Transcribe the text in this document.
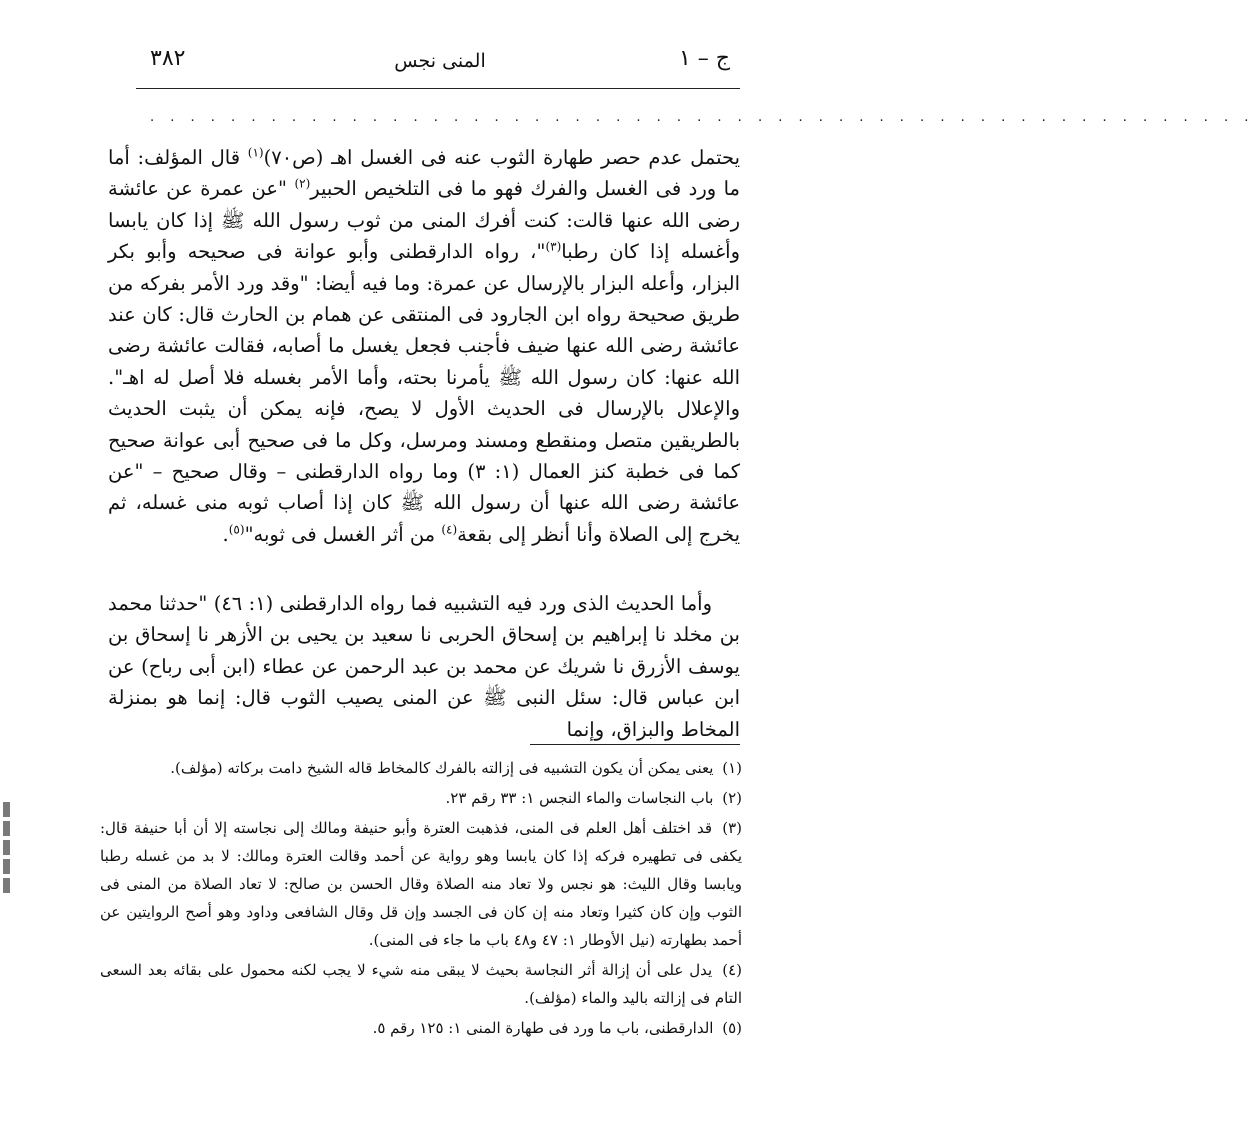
ج – ١
المنى نجس
٣٨٢
. . . . . . . . . . . . . . . . . . . . . . . . . . . . . . . . . . . . . . . . . . . . . . . . . . . . . . .

يحتمل عدم حصر طهارة الثوب عنه فى الغسل اهـ (ص٧٠)$^{(١)}$ قال المؤلف: أما ما ورد فى الغسل والفرك فهو ما فى التلخيص الحبير$^{(٢)}$ "عن عمرة عن عائشة رضى الله عنها قالت: كنت أفرك المنى من ثوب رسول الله ﷺ إذا كان يابسا وأغسله إذا كان رطبا$^{(٣)}$"، رواه الدارقطنى وأبو عوانة فى صحيحه وأبو بكر البزار، وأعله البزار بالإرسال عن عمرة: وما فيه أيضا: "وقد ورد الأمر بفركه من طريق صحيحة رواه ابن الجارود فى المنتقى عن همام بن الحارث قال: كان عند عائشة رضى الله عنها ضيف فأجنب فجعل يغسل ما أصابه، فقالت عائشة رضى الله عنها: كان رسول الله ﷺ يأمرنا بحته، وأما الأمر بغسله فلا أصل له اهـ". والإعلال بالإرسال فى الحديث الأول لا يصح، فإنه يمكن أن يثبت الحديث بالطريقين متصل ومنقطع ومسند ومرسل، وكل ما فى صحيح أبى عوانة صحيح كما فى خطبة كنز العمال (١: ٣) وما رواه الدارقطنى – وقال صحيح – "عن عائشة رضى الله عنها أن رسول الله ﷺ كان إذا أصاب ثوبه منى غسله، ثم يخرج إلى الصلاة وأنا أنظر إلى بقعة$^{(٤)}$ من أثر الغسل فى ثوبه"$^{(٥)}$.

وأما الحديث الذى ورد فيه التشبيه فما رواه الدارقطنى (١: ٤٦) "حدثنا محمد بن مخلد نا إبراهيم بن إسحاق الحربى نا سعيد بن يحيى بن الأزهر نا إسحاق بن يوسف الأزرق نا شريك عن محمد بن عبد الرحمن عن عطاء (ابن أبى رباح) عن ابن عباس قال: سئل النبى ﷺ عن المنى يصيب الثوب قال: إنما هو بمنزلة المخاط والبزاق، وإنما

(١) يعنى يمكن أن يكون التشبيه فى إزالته بالفرك كالمخاط قاله الشيخ دامت بركاته (مؤلف).
(٢) باب النجاسات والماء النجس ١: ٣٣ رقم ٢٣.
(٣) قد اختلف أهل العلم فى المنى، فذهبت العترة وأبو حنيفة ومالك إلى نجاسته إلا أن أبا حنيفة قال: يكفى فى تطهيره فركه إذا كان يابسا وهو رواية عن أحمد وقالت العترة ومالك: لا بد من غسله رطبا ويابسا وقال الليث: هو نجس ولا تعاد منه الصلاة وقال الحسن بن صالح: لا تعاد الصلاة من المنى فى الثوب وإن كان كثيرا وتعاد منه إن كان فى الجسد وإن قل وقال الشافعى وداود وهو أصح الروايتين عن أحمد بطهارته (نيل الأوطار ١: ٤٧ و٤٨ باب ما جاء فى المنى).
(٤) يدل على أن إزالة أثر النجاسة بحيث لا يبقى منه شيء لا يجب لكنه محمول على بقائه بعد السعى التام فى إزالته باليد والماء (مؤلف).
(٥) الدارقطنى، باب ما ورد فى طهارة المنى ١: ١٢٥ رقم ٥.
